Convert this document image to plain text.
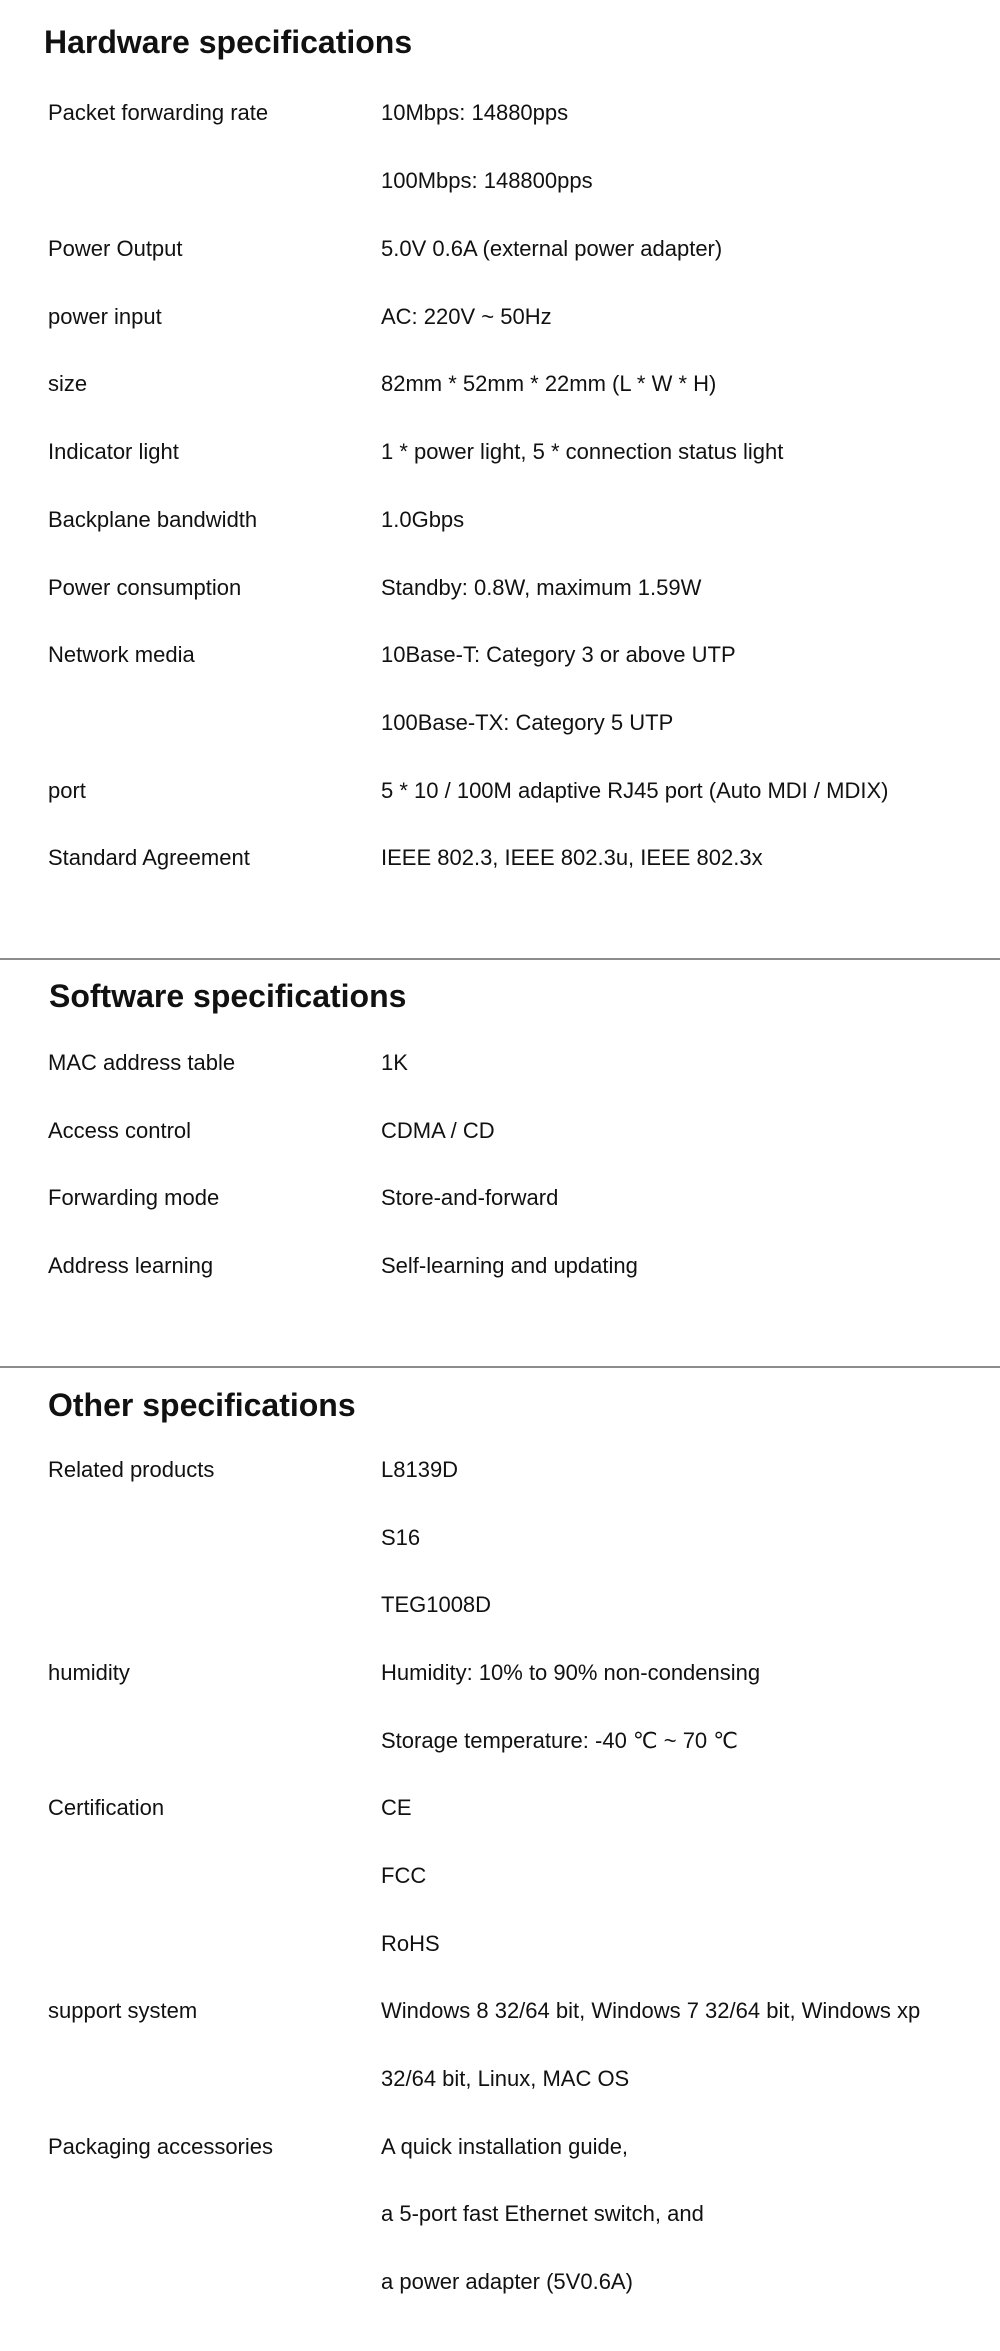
Hardware specifications
Packet forwarding rate	10Mbps: 14880pps
100Mbps: 148800pps
Power Output	5.0V 0.6A (external power adapter)
power input	AC: 220V ~ 50Hz
size	82mm * 52mm * 22mm (L * W * H)
Indicator light	1 * power light, 5 * connection status light
Backplane bandwidth	1.0Gbps
Power consumption	Standby: 0.8W, maximum 1.59W
Network media	10Base-T: Category 3 or above UTP
100Base-TX: Category 5 UTP
port	5 * 10 / 100M adaptive RJ45 port (Auto MDI / MDIX)
Standard Agreement	IEEE 802.3, IEEE 802.3u, IEEE 802.3x
Software specifications
MAC address table	1K
Access control	CDMA / CD
Forwarding mode	Store-and-forward
Address learning	Self-learning and updating
Other specifications
Related products	L8139D
S16
TEG1008D
humidity	Humidity: 10% to 90% non-condensing
Storage temperature: -40 ℃ ~ 70 ℃
Certification	CE
FCC
RoHS
support system	Windows 8 32/64 bit, Windows 7 32/64 bit, Windows xp
32/64 bit, Linux, MAC OS
Packaging accessories	A quick installation guide,
a 5-port fast Ethernet switch, and
a power adapter (5V0.6A)
